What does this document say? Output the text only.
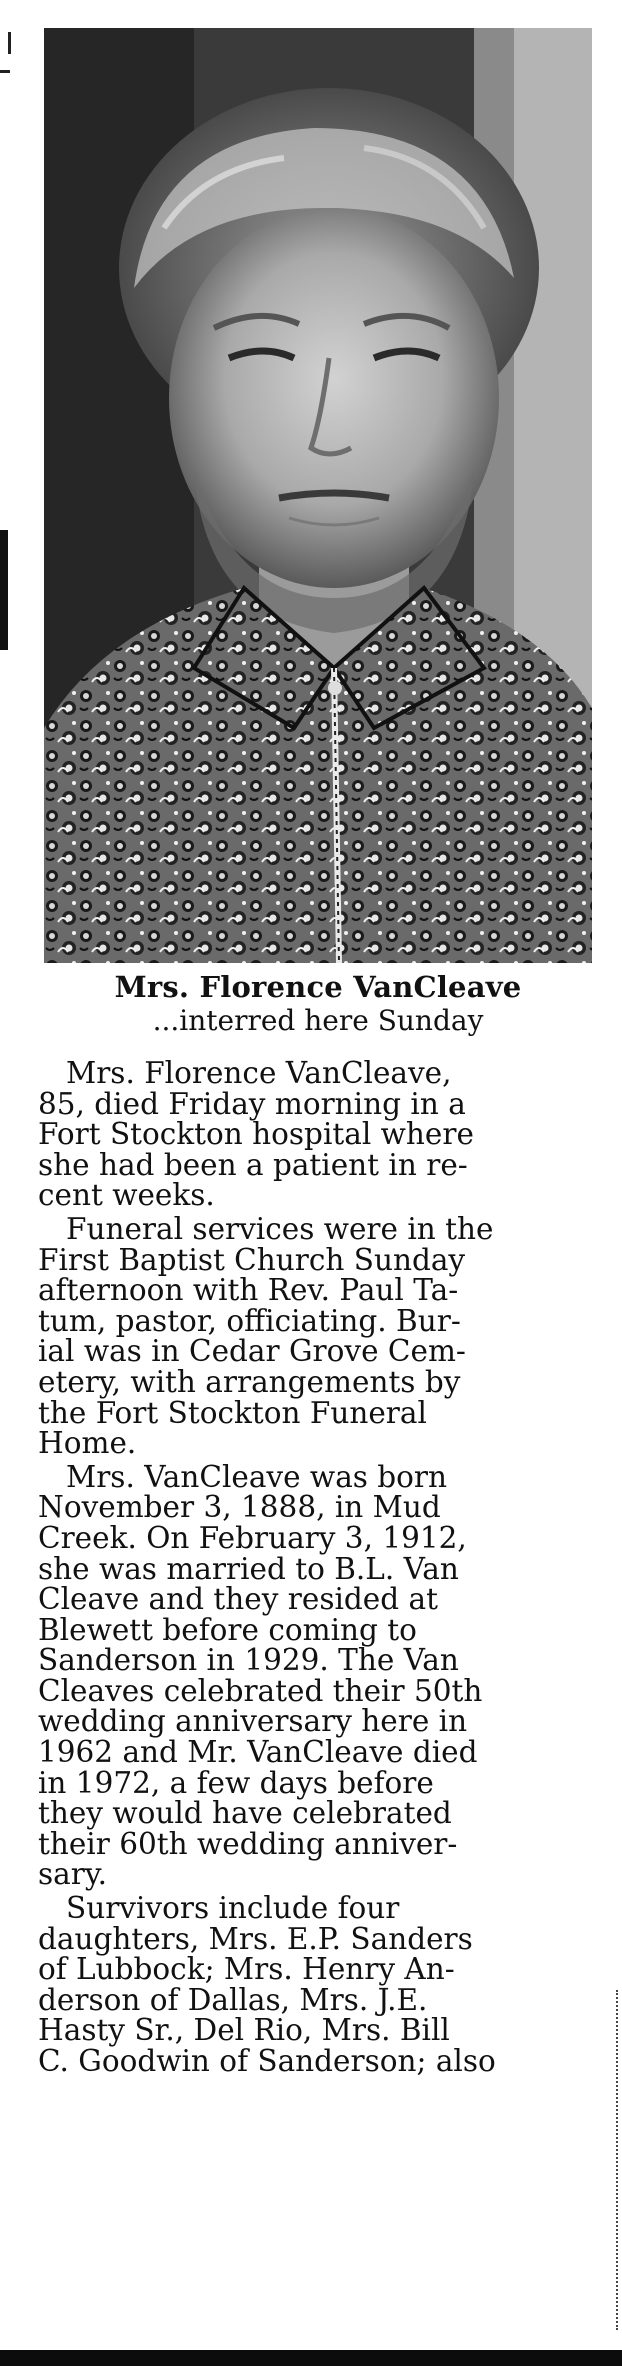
Mrs. Florence VanCleave
...interred here Sunday

Mrs. Florence VanCleave,
85, died Friday morning in a
Fort Stockton hospital where
she had been a patient in re-
cent weeks.

Funeral services were in the
First Baptist Church Sunday
afternoon with Rev. Paul Ta-
tum, pastor, officiating. Bur-
ial was in Cedar Grove Cem-
etery, with arrangements by
the Fort Stockton Funeral
Home.

Mrs. VanCleave was born
November 3, 1888, in Mud
Creek. On February 3, 1912,
she was married to B.L. Van
Cleave and they resided at
Blewett before coming to
Sanderson in 1929. The Van
Cleaves celebrated their 50th
wedding anniversary here in
1962 and Mr. VanCleave died
in 1972, a few days before
they would have celebrated
their 60th wedding anniver-
sary.

Survivors include four
daughters, Mrs. E.P. Sanders
of Lubbock; Mrs. Henry An-
derson of Dallas, Mrs. J.E.
Hasty Sr., Del Rio, Mrs. Bill
C. Goodwin of Sanderson; also
